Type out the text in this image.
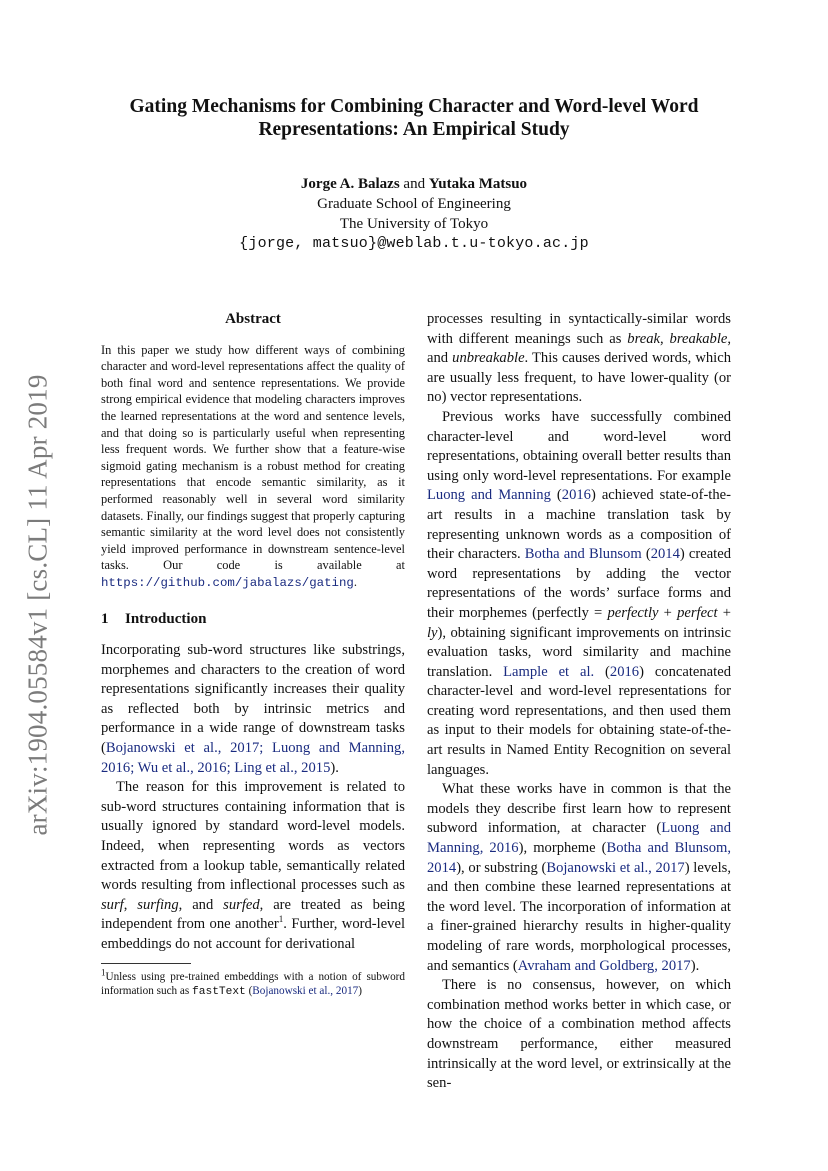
arXiv:1904.05584v1 [cs.CL] 11 Apr 2019
Gating Mechanisms for Combining Character and Word-level Word
Representations: An Empirical Study
Jorge A. Balazs and Yutaka Matsuo
Graduate School of Engineering
The University of Tokyo
{jorge, matsuo}@weblab.t.u-tokyo.ac.jp
Abstract

In this paper we study how different ways of combining character and word-level representations affect the quality of both final word and sentence representations. We provide strong empirical evidence that modeling characters improves the learned representations at the word and sentence levels, and that doing so is particularly useful when representing less frequent words. We further show that a feature-wise sigmoid gating mechanism is a robust method for creating representations that encode semantic similarity, as it performed reasonably well in several word similarity datasets. Finally, our findings suggest that properly capturing semantic similarity at the word level does not consistently yield improved performance in downstream sentence-level tasks. Our code is available at https://github.com/jabalazs/gating.

1 Introduction

Incorporating sub-word structures like substrings, morphemes and characters to the creation of word representations significantly increases their quality as reflected both by intrinsic metrics and performance in a wide range of downstream tasks (Bojanowski et al., 2017; Luong and Manning, 2016; Wu et al., 2016; Ling et al., 2015).

The reason for this improvement is related to sub-word structures containing information that is usually ignored by standard word-level models. Indeed, when representing words as vectors extracted from a lookup table, semantically related words resulting from inflectional processes such as surf, surfing, and surfed, are treated as being independent from one another$^1$. Further, word-level embeddings do not account for derivational

$^1$Unless using pre-trained embeddings with a notion of subword information such as fastText (Bojanowski et al., 2017)

processes resulting in syntactically-similar words with different meanings such as break, breakable, and unbreakable. This causes derived words, which are usually less frequent, to have lower-quality (or no) vector representations.

Previous works have successfully combined character-level and word-level word representations, obtaining overall better results than using only word-level representations. For example Luong and Manning (2016) achieved state-of-the-art results in a machine translation task by representing unknown words as a composition of their characters. Botha and Blunsom (2014) created word representations by adding the vector representations of the words’ surface forms and their morphemes (perfectly = perfectly + perfect + ly), obtaining significant improvements on intrinsic evaluation tasks, word similarity and machine translation. Lample et al. (2016) concatenated character-level and word-level representations for creating word representations, and then used them as input to their models for obtaining state-of-the-art results in Named Entity Recognition on several languages.

What these works have in common is that the models they describe first learn how to represent subword information, at character (Luong and Manning, 2016), morpheme (Botha and Blunsom, 2014), or substring (Bojanowski et al., 2017) levels, and then combine these learned representations at the word level. The incorporation of information at a finer-grained hierarchy results in higher-quality modeling of rare words, morphological processes, and semantics (Avraham and Goldberg, 2017).

There is no consensus, however, on which combination method works better in which case, or how the choice of a combination method affects downstream performance, either measured intrinsically at the word level, or extrinsically at the sen-
